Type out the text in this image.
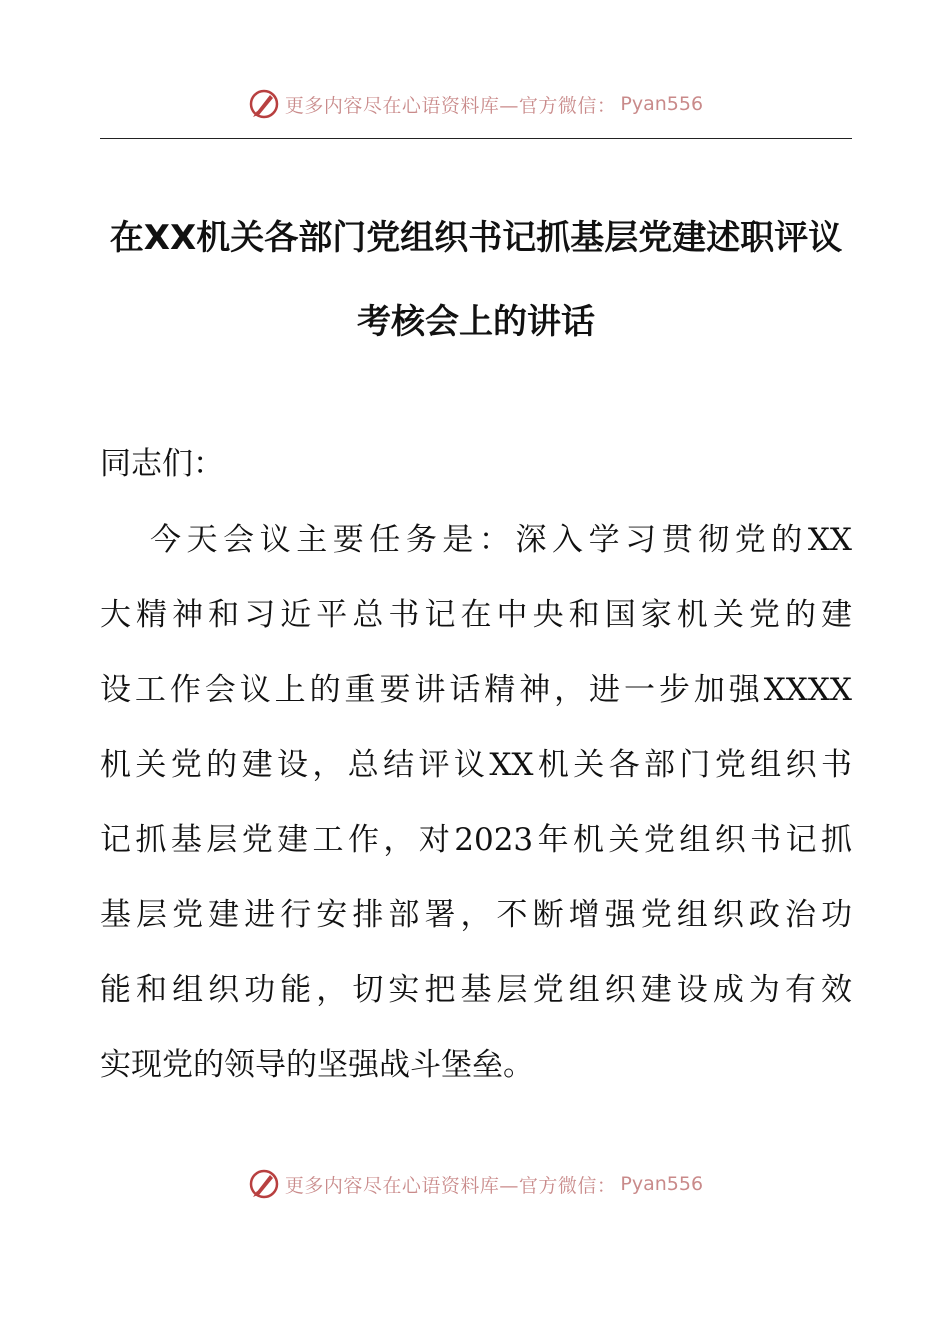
更多内容尽在心语资料库—官方微信： Pyan556
在XX机关各部门党组织书记抓基层党建述职评议
考核会上的讲话
同志们：
今天会议主要任务是：深入学习贯彻党的XX
大精神和习近平总书记在中央和国家机关党的建
设工作会议上的重要讲话精神，进一步加强XXXX
机关党的建设，总结评议XX机关各部门党组织书
记抓基层党建工作，对2023年机关党组织书记抓
基层党建进行安排部署，不断增强党组织政治功
能和组织功能，切实把基层党组织建设成为有效
实现党的领导的坚强战斗堡垒。
更多内容尽在心语资料库—官方微信： Pyan556
